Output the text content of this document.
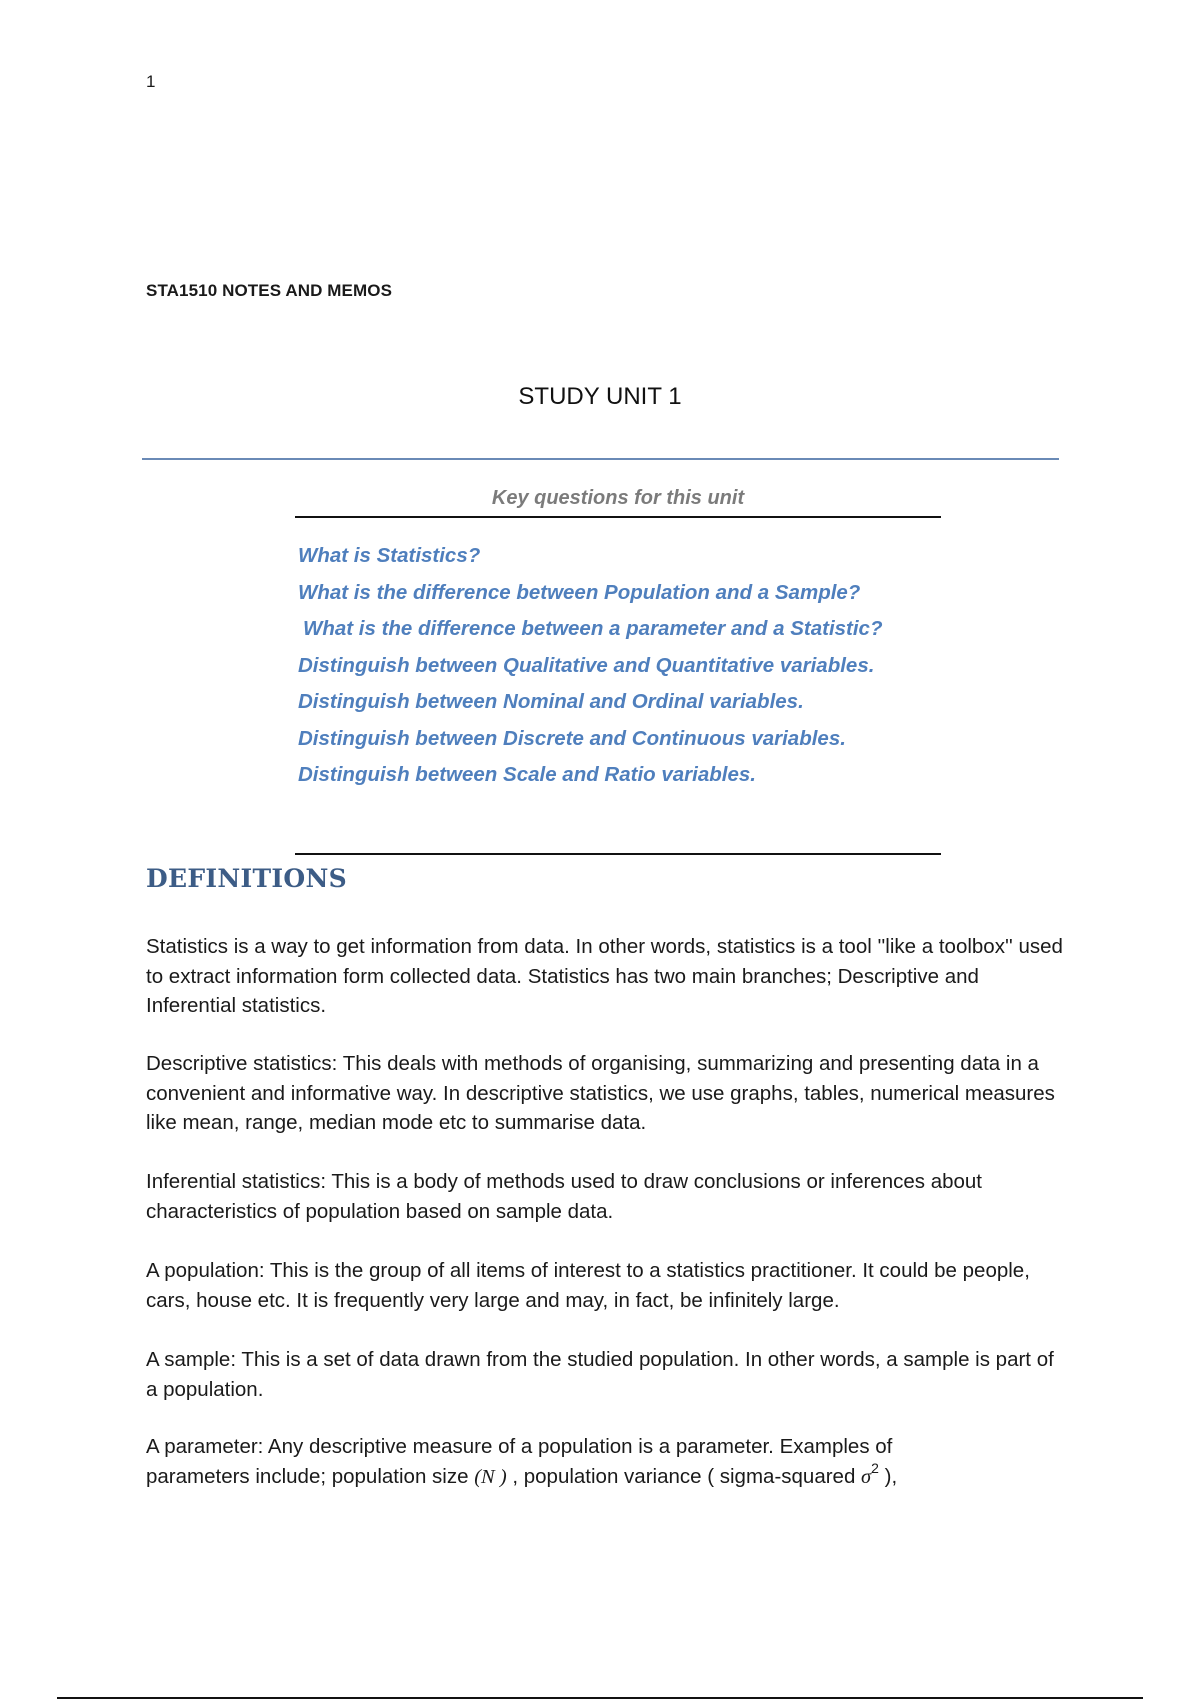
1
STA1510 NOTES AND MEMOS
STUDY UNIT 1
Key questions for this unit
What is Statistics?
What is the difference between Population and a Sample?
What is the difference between a parameter and a Statistic?
Distinguish between Qualitative and Quantitative variables.
Distinguish between Nominal and Ordinal variables.
Distinguish between Discrete and Continuous variables.
Distinguish between Scale and Ratio variables.
DEFINITIONS

Statistics is a way to get information from data. In other words, statistics is a tool ''like a toolbox'' used to extract information form collected data. Statistics has two main branches; Descriptive and Inferential statistics.

Descriptive statistics: This deals with methods of organising, summarizing and presenting data in a convenient and informative way. In descriptive statistics, we use graphs, tables, numerical measures like mean, range, median mode etc to summarise data.

Inferential statistics: This is a body of methods used to draw conclusions or inferences about characteristics of population based on sample data.

A population: This is the group of all items of interest to a statistics practitioner. It could be people, cars, house etc. It is frequently very large and may, in fact, be infinitely large.

A sample: This is a set of data drawn from the studied population. In other words, a sample is part of a population.

A parameter: Any descriptive measure of a population is a parameter. Examples of
parameters include; population size (N ) , population variance ( sigma-squared $\sigma^2$ ),
